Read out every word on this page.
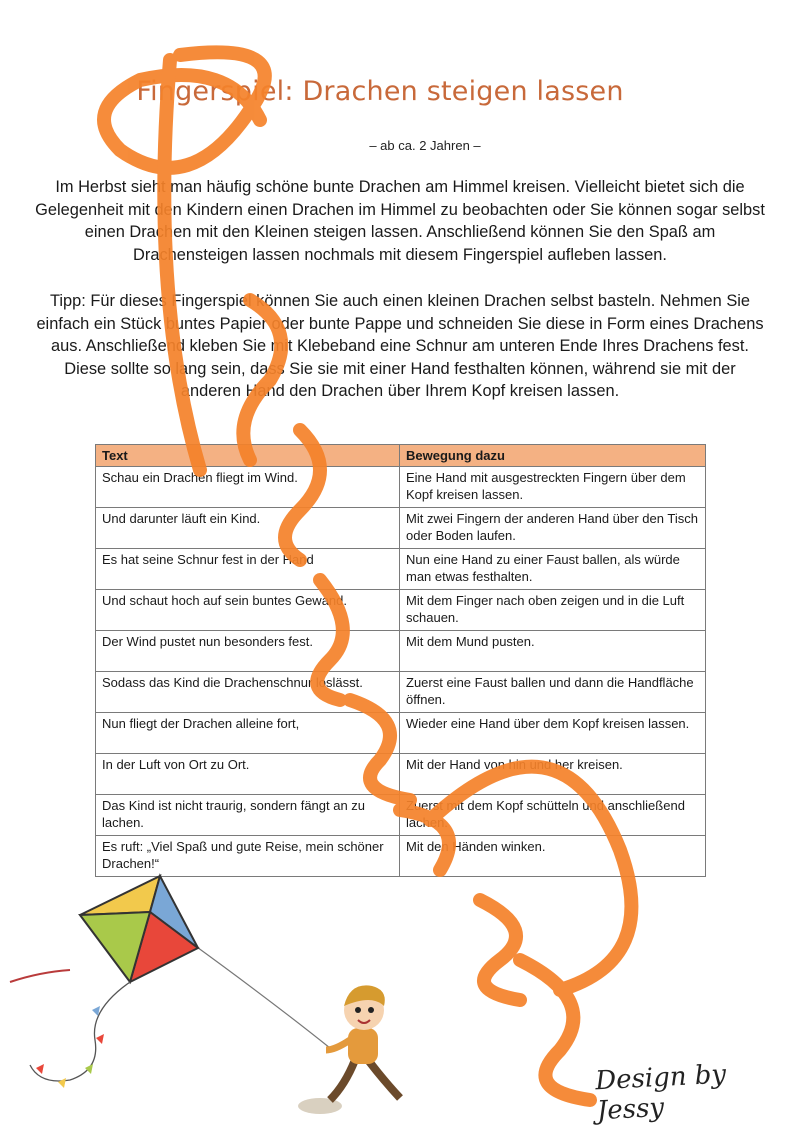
Fingerspiel: Drachen steigen lassen
– ab ca. 2 Jahren –

Im Herbst sieht man häufig schöne bunte Drachen am Himmel kreisen. Vielleicht bietet sich die Gelegenheit mit den Kindern einen Drachen im Himmel zu beobachten oder Sie können sogar selbst einen Drachen mit den Kleinen steigen lassen. Anschließend können Sie den Spaß am Drachensteigen lassen nochmals mit diesem Fingerspiel aufleben lassen.

Tipp: Für dieses Fingerspiel können Sie auch einen kleinen Drachen selbst basteln. Nehmen Sie einfach ein Stück buntes Papier oder bunte Pappe und schneiden Sie diese in Form eines Drachens aus. Anschließend kleben Sie mit Klebeband eine Schnur am unteren Ende Ihres Drachens fest. Diese sollte so lang sein, dass Sie sie mit einer Hand festhalten können, während sie mit der anderen Hand den Drachen über Ihrem Kopf kreisen lassen.

Text	Bewegung dazu
Schau ein Drachen fliegt im Wind.	Eine Hand mit ausgestreckten Fingern über dem Kopf kreisen lassen.
Und darunter läuft ein Kind.	Mit zwei Fingern der anderen Hand über den Tisch oder Boden laufen.
Es hat seine Schnur fest in der Hand	Nun eine Hand zu einer Faust ballen, als würde man etwas festhalten.
Und schaut hoch auf sein buntes Gewand.	Mit dem Finger nach oben zeigen und in die Luft schauen.
Der Wind pustet nun besonders fest.	Mit dem Mund pusten.
Sodass das Kind die Drachenschnur loslässt.	Zuerst eine Faust ballen und dann die Handfläche öffnen.
Nun fliegt der Drachen alleine fort,	Wieder eine Hand über dem Kopf kreisen lassen.
In der Luft von Ort zu Ort.	Mit der Hand von hin und her kreisen.
Das Kind ist nicht traurig, sondern fängt an zu lachen.	Zuerst mit dem Kopf schütteln und anschließend lachen.
Es ruft: „Viel Spaß und gute Reise, mein schöner Drachen!“	Mit den Händen winken.
Design by Jessy
